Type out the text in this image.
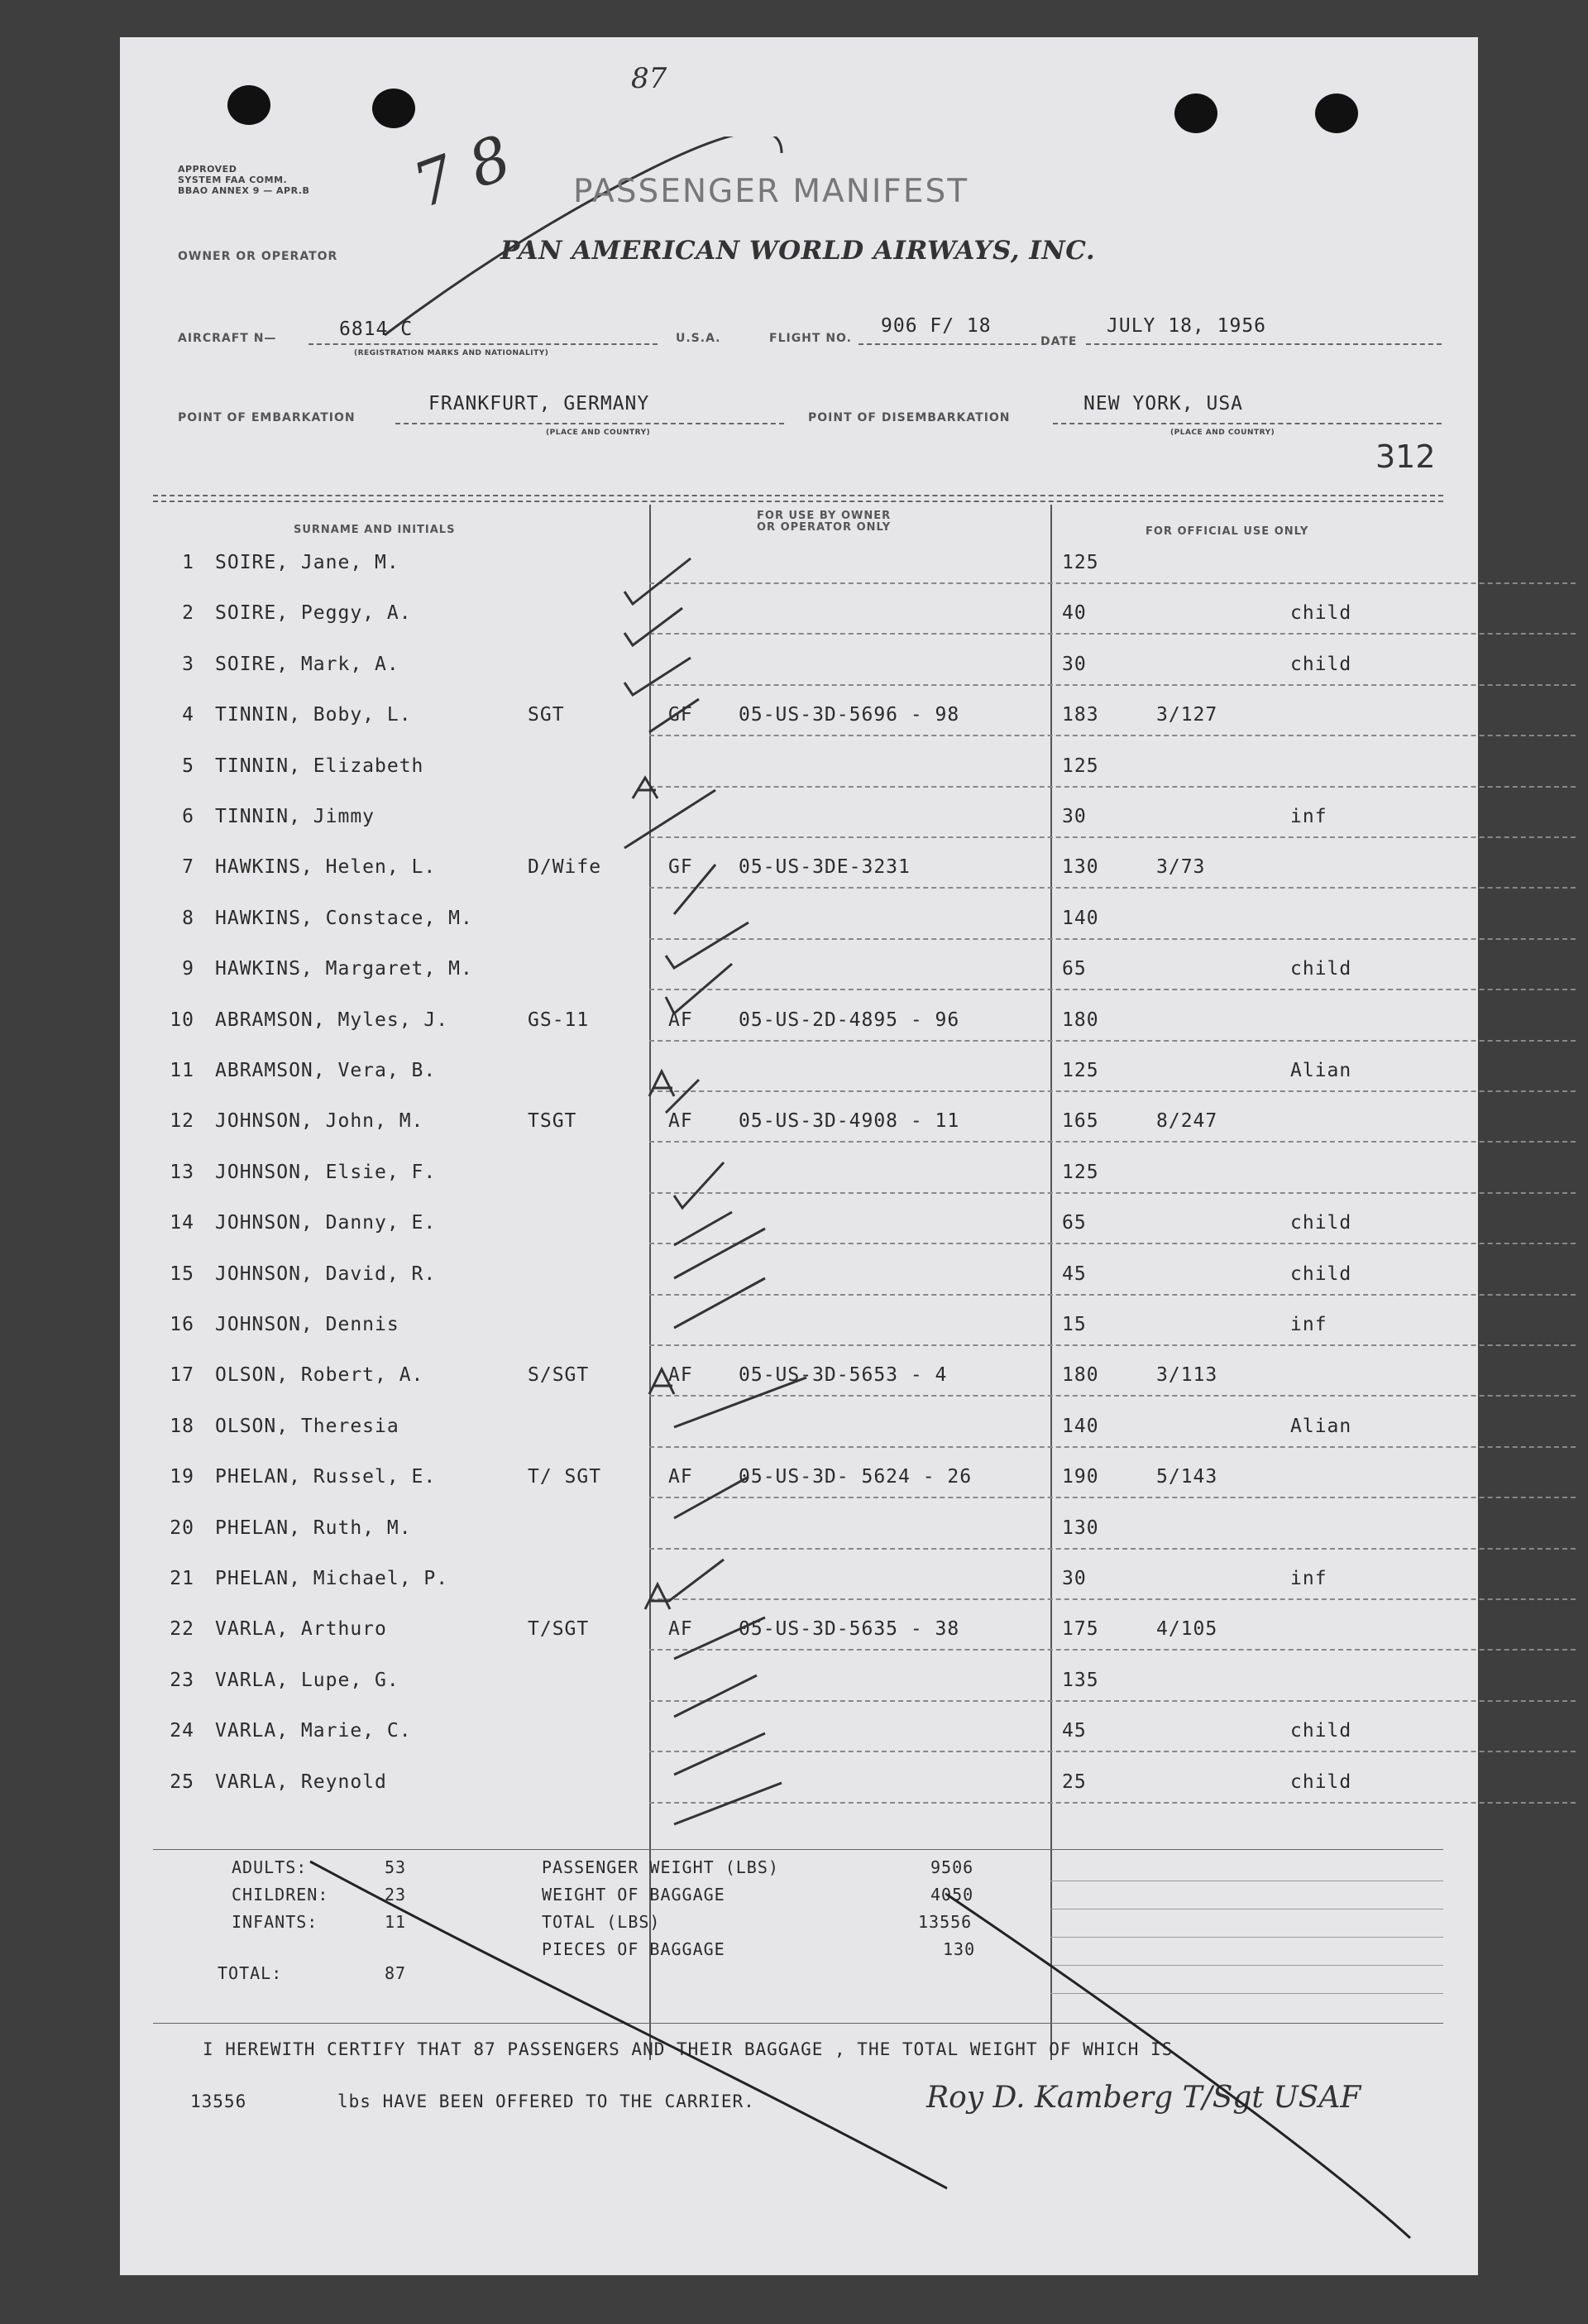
APPROVED
SYSTEM FAA COMM.
BBAO ANNEX 9 — APR.B
87
7 8 PASSENGER MANIFEST
OWNER OR OPERATOR	PAN AMERICAN WORLD AIRWAYS, INC.
AIRCRAFT N—	6814 C
(REGISTRATION MARKS AND NATIONALITY)
U.S.A.	FLIGHT NO.
906 F/ 18
DATE
JULY 18, 1956
POINT OF EMBARKATION
FRANKFURT, GERMANY
(PLACE AND COUNTRY)
POINT OF DISEMBARKATION
NEW YORK, USA
(PLACE AND COUNTRY)
312
SURNAME AND INITIALS
FOR USE BY OWNER
OR OPERATOR ONLY	FOR OFFICIAL USE ONLY
1 SOIRE, Jane, M.	125
2 SOIRE, Peggy, A.	40	child
3 SOIRE, Mark, A.	30	child
4 TINNIN, Boby, L.	SGT	GF 05-US-3D-5696 - 98	183	3/127
5 TINNIN, Elizabeth	125
6 TINNIN, Jimmy	30	inf
7 HAWKINS, Helen, L.	D/Wife	GF 05-US-3DE-3231	130	3/73
8 HAWKINS, Constace, M.	140
9 HAWKINS, Margaret, M.	65	child
10 ABRAMSON, Myles, J.	GS-11	AF 05-US-2D-4895 - 96	180
11 ABRAMSON, Vera, B.	125	Alian
12 JOHNSON, John, M.	TSGT	AF 05-US-3D-4908 - 11	165	8/247
13 JOHNSON, Elsie, F.	125
14 JOHNSON, Danny, E.	65	child
15 JOHNSON, David, R.	45	child
16 JOHNSON, Dennis	15	inf
17 OLSON, Robert, A.	S/SGT	AF 05-US-3D-5653 - 4	180	3/113
18 OLSON, Theresia	140	Alian
19 PHELAN, Russel, E.	T/ SGT	AF 05-US-3D- 5624 - 26	190	5/143
20 PHELAN, Ruth, M.	130
21 PHELAN, Michael, P.	30	inf
22 VARLA, Arthuro	T/SGT	AF 05-US-3D-5635 - 38	175	4/105
23 VARLA, Lupe, G.	135
24 VARLA, Marie, C.	45	child
25 VARLA, Reynold	25	child
ADULTS:	53
CHILDREN:	23
INFANTS:	11
TOTAL:	87
PASSENGER WEIGHT (LBS)	9506
WEIGHT OF BAGGAGE	4050
TOTAL (LBS)	13556
PIECES OF BAGGAGE	130
I HEREWITH CERTIFY THAT 87 PASSENGERS AND THEIR BAGGAGE , THE TOTAL WEIGHT OF WHICH IS
13556	lbs HAVE BEEN OFFERED TO THE CARRIER.	Roy D. Kamberg T/Sgt USAF
